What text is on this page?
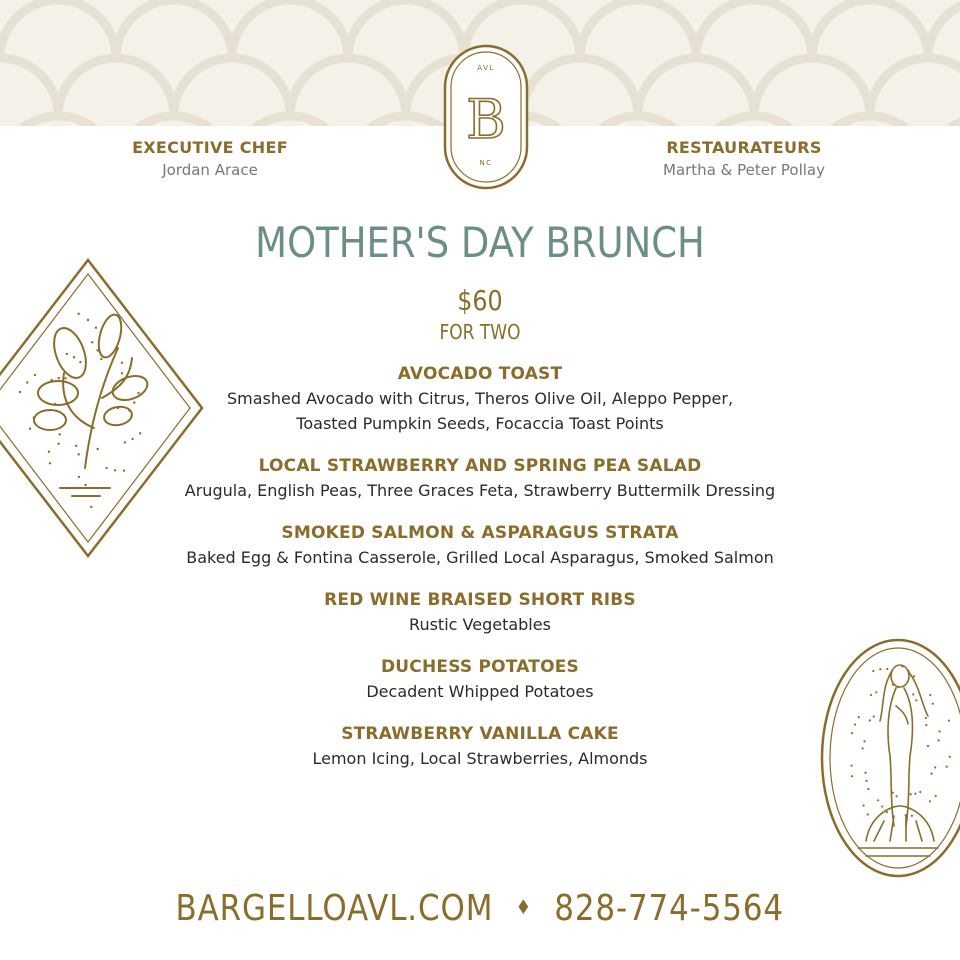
AVL
B
NC
EXECUTIVE CHEF
Jordan Arace
RESTAURATEURS
Martha & Peter Pollay
MOTHER'S DAY BRUNCH
$60
FOR TWO
AVOCADO TOAST
Smashed Avocado with Citrus, Theros Olive Oil, Aleppo Pepper,
Toasted Pumpkin Seeds, Focaccia Toast Points
LOCAL STRAWBERRY AND SPRING PEA SALAD
Arugula, English Peas, Three Graces Feta, Strawberry Buttermilk Dressing
SMOKED SALMON & ASPARAGUS STRATA
Baked Egg & Fontina Casserole, Grilled Local Asparagus, Smoked Salmon
RED WINE BRAISED SHORT RIBS
Rustic Vegetables
DUCHESS POTATOES
Decadent Whipped Potatoes
STRAWBERRY VANILLA CAKE
Lemon Icing, Local Strawberries, Almonds
BARGELLOAVL.COM ♦ 828-774-5564
